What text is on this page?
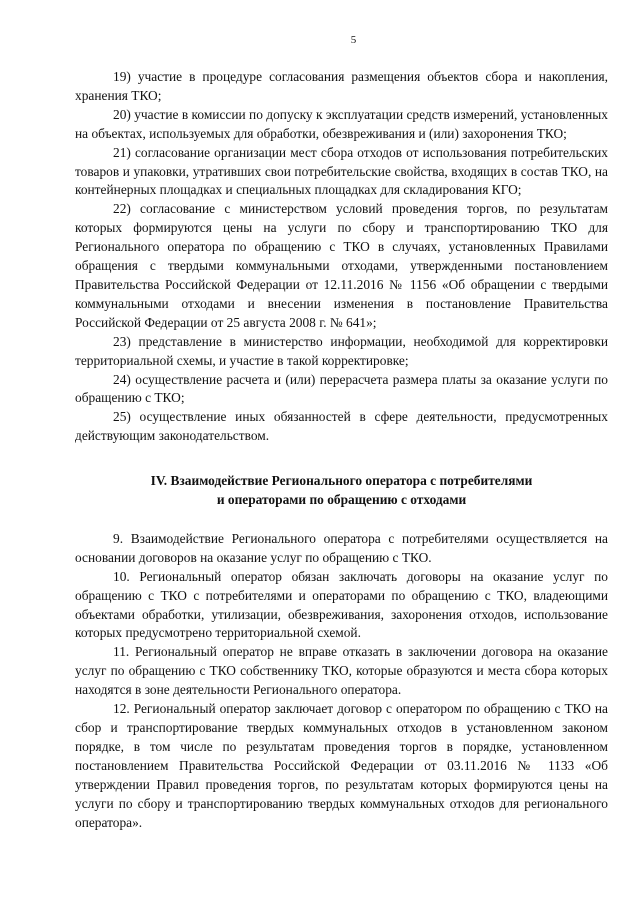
5

19) участие в процедуре согласования размещения объектов сбора и накопления, хранения ТКО;

20) участие в комиссии по допуску к эксплуатации средств измерений, установленных на объектах, используемых для обработки, обезвреживания и (или) захоронения ТКО;

21) согласование организации мест сбора отходов от использования потребительских товаров и упаковки, утративших свои потребительские свойства, входящих в состав ТКО, на контейнерных площадках и специальных площадках для складирования КГО;

22) согласование с министерством условий проведения торгов, по результатам которых формируются цены на услуги по сбору и транспортированию ТКО для Регионального оператора по обращению с ТКО в случаях, установленных Правилами обращения с твердыми коммунальными отходами, утвержденными постановлением Правительства Российской Федерации от 12.11.2016 № 1156 «Об обращении с твердыми коммунальными отходами и внесении изменения в постановление Правительства Российской Федерации от 25 августа 2008 г. № 641»;

23) представление в министерство информации, необходимой для корректировки территориальной схемы, и участие в такой корректировке;

24) осуществление расчета и (или) перерасчета размера платы за оказание услуги по обращению с ТКО;

25) осуществление иных обязанностей в сфере деятельности, предусмотренных действующим законодательством.

IV. Взаимодействие Регионального оператора с потребителями
и операторами по обращению с отходами

9. Взаимодействие Регионального оператора с потребителями осуществляется на основании договоров на оказание услуг по обращению с ТКО.

10. Региональный оператор обязан заключать договоры на оказание услуг по обращению с ТКО с потребителями и операторами по обращению с ТКО, владеющими объектами обработки, утилизации, обезвреживания, захоронения отходов, использование которых предусмотрено территориальной схемой.

11. Региональный оператор не вправе отказать в заключении договора на оказание услуг по обращению с ТКО собственнику ТКО, которые образуются и места сбора которых находятся в зоне деятельности Регионального оператора.

12. Региональный оператор заключает договор с оператором по обращению с ТКО на сбор и транспортирование твердых коммунальных отходов в установленном законом порядке, в том числе по результатам проведения торгов в порядке, установленном постановлением Правительства Российской Федерации от 03.11.2016 № 1133 «Об утверждении Правил проведения торгов, по результатам которых формируются цены на услуги по сбору и транспортированию твердых коммунальных отходов для регионального оператора».
